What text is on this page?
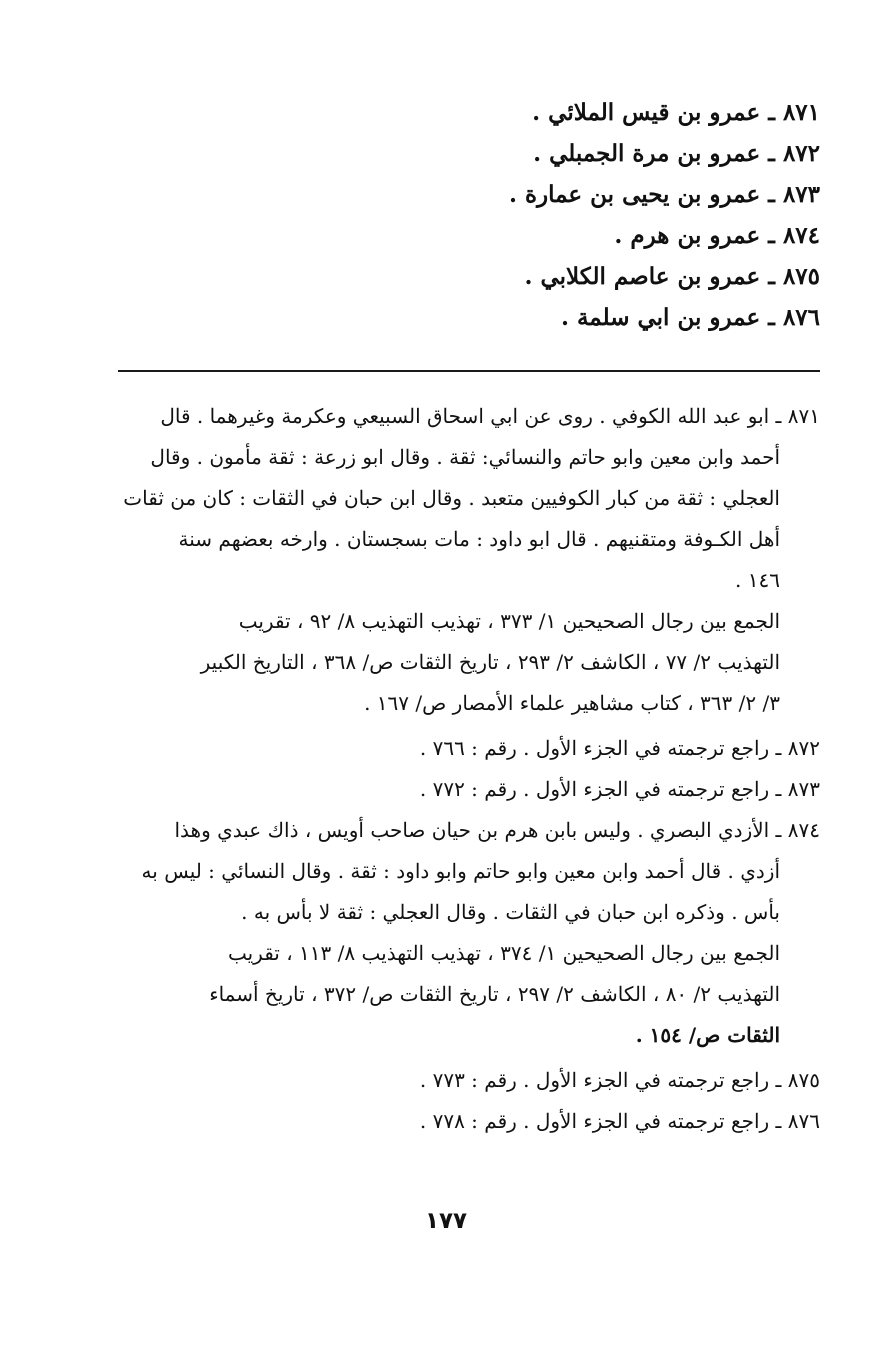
٨٧١ ـ عمرو بن قيس الملائي .
٨٧٢ ـ عمرو بن مرة الجمبلي .
٨٧٣ ـ عمرو بن يحيى بن عمارة .
٨٧٤ ـ عمرو بن هرم .
٨٧٥ ـ عمرو بن عاصم الكلابي .
٨٧٦ ـ عمرو بن ابي سلمة .
٨٧١ ـ ابو عبد الله الكوفي . روى عن ابي اسحاق السبيعي وعكرمة وغيرهما . قال
أحمد وابن معين وابو حاتم والنسائي: ثقة . وقال ابو زرعة : ثقة مأمون . وقال
العجلي : ثقة من كبار الكوفيين متعبد . وقال ابن حبان في الثقات : كان من ثقات
أهل الكـوفة ومتقنيهم . قال ابو داود : مات بسجستان . وارخه بعضهم سنة
١٤٦ .
الجمع بين رجال الصحيحين ١/ ٣٧٣ ، تهذيب التهذيب ٨/ ٩٢ ، تقريب
التهذيب ٢/ ٧٧ ، الكاشف ٢/ ٢٩٣ ، تاريخ الثقات ص/ ٣٦٨ ، التاريخ الكبير
٣/ ٢/ ٣٦٣ ، كتاب مشاهير علماء الأمصار ص/ ١٦٧ .
٨٧٢ ـ راجع ترجمته في الجزء الأول . رقم : ٧٦٦ .
٨٧٣ ـ راجع ترجمته في الجزء الأول . رقم : ٧٧٢ .
٨٧٤ ـ الأزدي البصري . وليس بابن هرم بن حيان صاحب أويس ، ذاك عبدي وهذا
أزدي . قال أحمد وابن معين وابو حاتم وابو داود : ثقة . وقال النسائي : ليس به
بأس . وذكره ابن حبان في الثقات . وقال العجلي : ثقة لا بأس به .
الجمع بين رجال الصحيحين ١/ ٣٧٤ ، تهذيب التهذيب ٨/ ١١٣ ، تقريب
التهذيب ٢/ ٨٠ ، الكاشف ٢/ ٢٩٧ ، تاريخ الثقات ص/ ٣٧٢ ، تاريخ أسماء
الثقات ص/ ١٥٤ .
٨٧٥ ـ راجع ترجمته في الجزء الأول . رقم : ٧٧٣ .
٨٧٦ ـ راجع ترجمته في الجزء الأول . رقم : ٧٧٨ .
١٧٧
